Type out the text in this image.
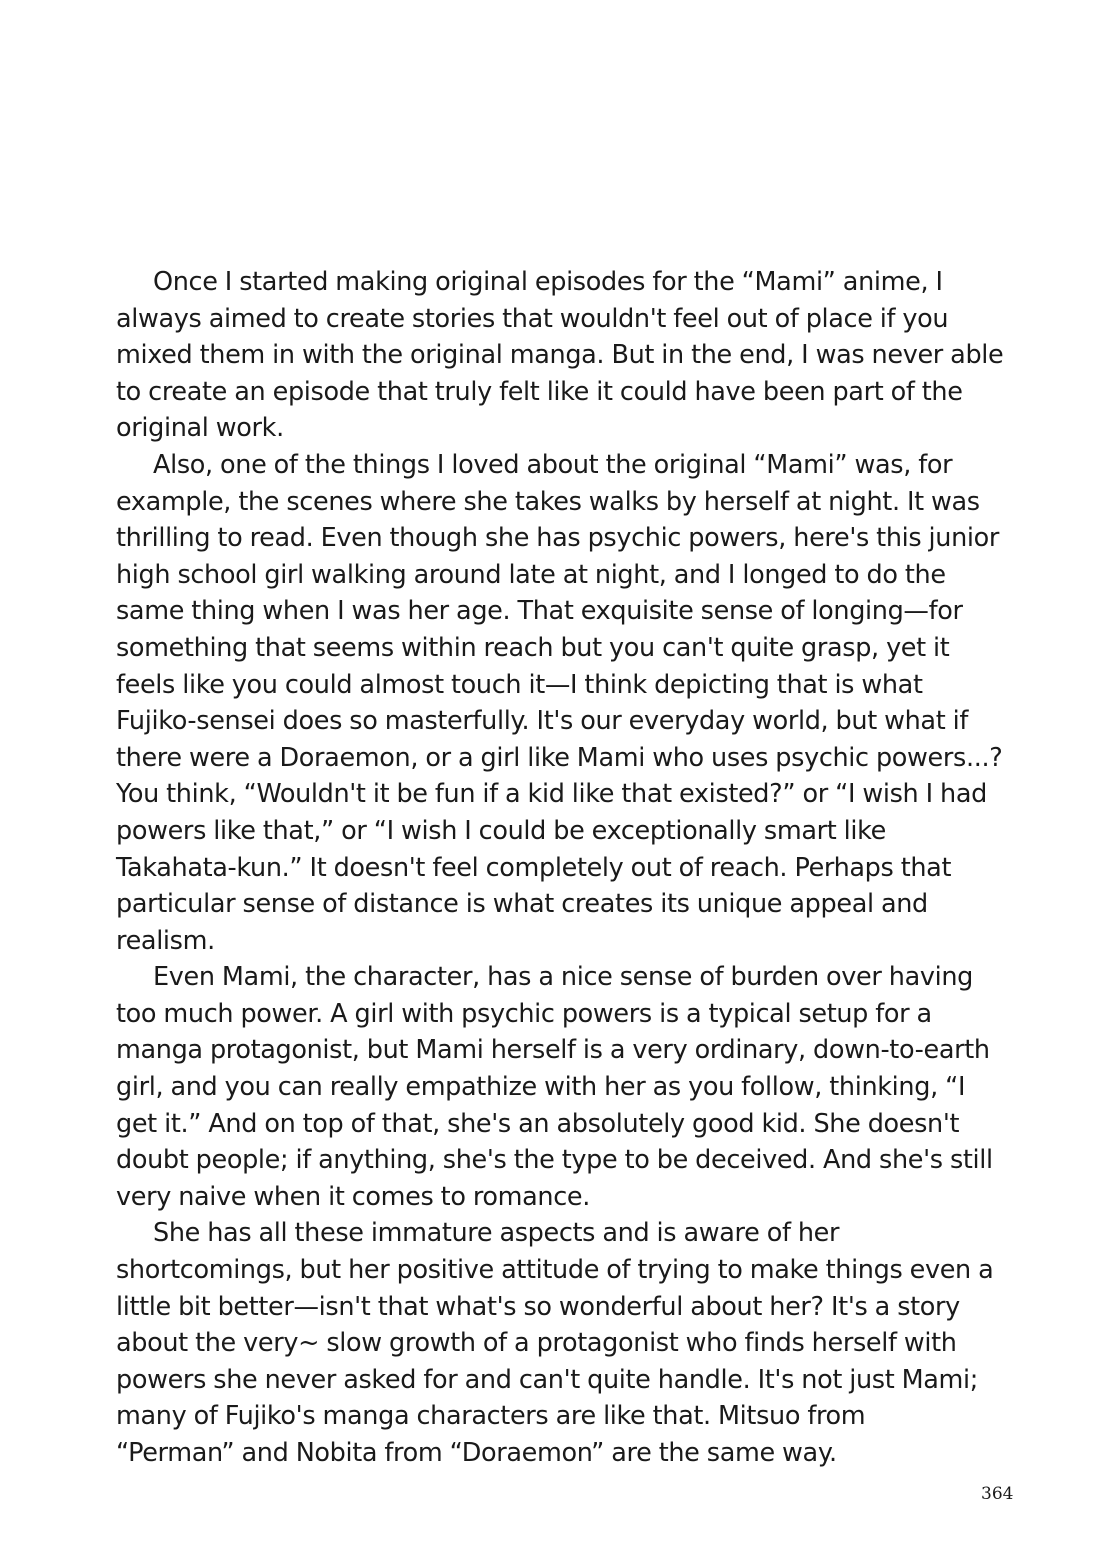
Once I started making original episodes for the “Mami” anime, I
always aimed to create stories that wouldn't feel out of place if you
mixed them in with the original manga. But in the end, I was never able
to create an episode that truly felt like it could have been part of the
original work.
Also, one of the things I loved about the original “Mami” was, for
example, the scenes where she takes walks by herself at night. It was
thrilling to read. Even though she has psychic powers, here's this junior
high school girl walking around late at night, and I longed to do the
same thing when I was her age. That exquisite sense of longing—for
something that seems within reach but you can't quite grasp, yet it
feels like you could almost touch it—I think depicting that is what
Fujiko-sensei does so masterfully. It's our everyday world, but what if
there were a Doraemon, or a girl like Mami who uses psychic powers...?
You think, “Wouldn't it be fun if a kid like that existed?” or “I wish I had
powers like that,” or “I wish I could be exceptionally smart like
Takahata-kun.” It doesn't feel completely out of reach. Perhaps that
particular sense of distance is what creates its unique appeal and
realism.
Even Mami, the character, has a nice sense of burden over having
too much power. A girl with psychic powers is a typical setup for a
manga protagonist, but Mami herself is a very ordinary, down-to-earth
girl, and you can really empathize with her as you follow, thinking, “I
get it.” And on top of that, she's an absolutely good kid. She doesn't
doubt people; if anything, she's the type to be deceived. And she's still
very naive when it comes to romance.
She has all these immature aspects and is aware of her
shortcomings, but her positive attitude of trying to make things even a
little bit better—isn't that what's so wonderful about her? It's a story
about the very~ slow growth of a protagonist who finds herself with
powers she never asked for and can't quite handle. It's not just Mami;
many of Fujiko's manga characters are like that. Mitsuo from
“Perman” and Nobita from “Doraemon” are the same way.
364
